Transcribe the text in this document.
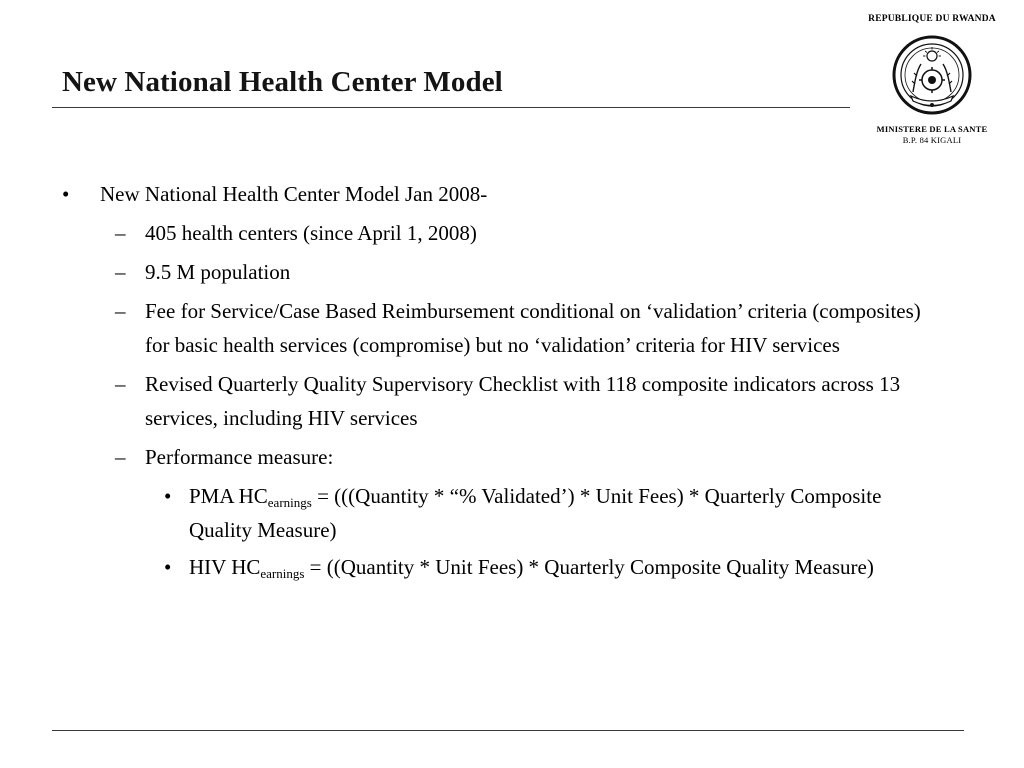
New National Health Center Model
REPUBLIQUE DU RWANDA
MINISTERE DE LA SANTE
B.P. 84 KIGALI
•	New National Health Center Model Jan 2008-
– 405 health centers (since April 1, 2008)
– 9.5 M population
– Fee for Service/Case Based Reimbursement conditional on ‘validation’ criteria (composites) for basic health services (compromise) but no ‘validation’ criteria for HIV services
– Revised Quarterly Quality Supervisory Checklist with 118 composite indicators across 13 services, including HIV services
– Performance measure:
• PMA $HC_{earnings}$ = (((Quantity * “% Validated’) * Unit Fees) * Quarterly Composite Quality Measure)
• HIV $HC_{earnings}$ = ((Quantity * Unit Fees) * Quarterly Composite Quality Measure)
